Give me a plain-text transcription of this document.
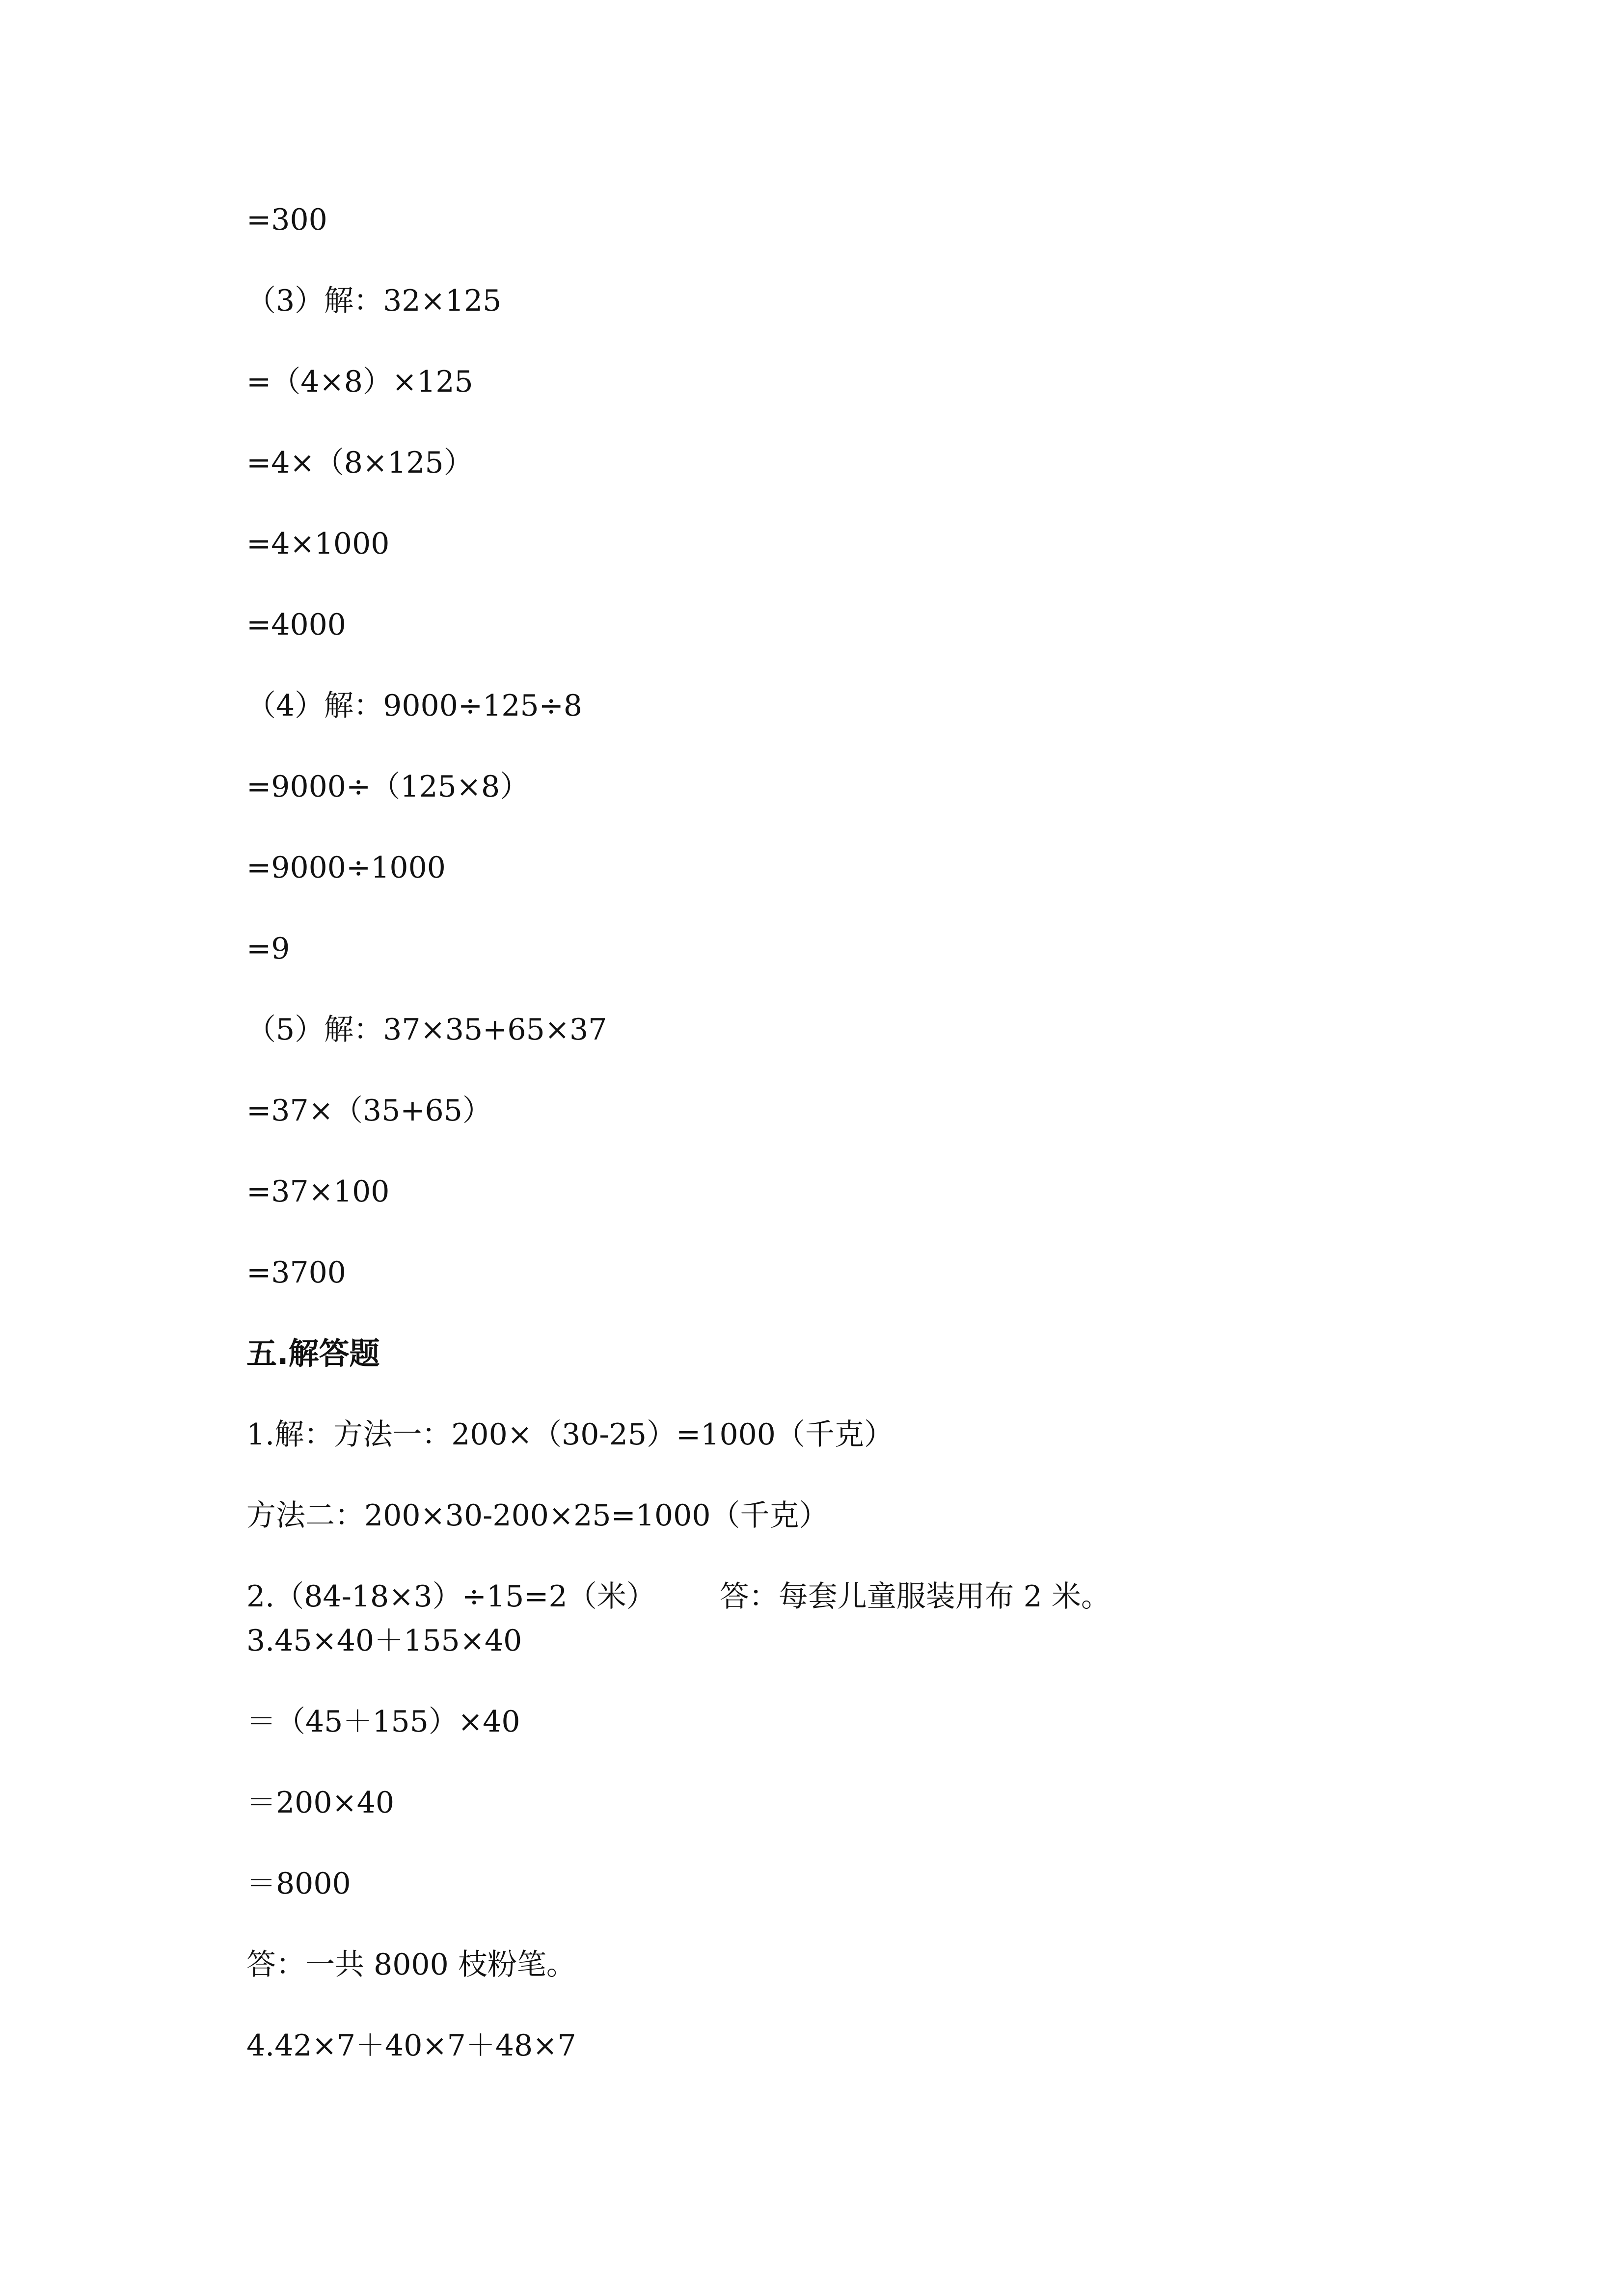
=300
（3）解：32×125
=（4×8）×125
=4×（8×125）
=4×1000
=4000
（4）解：9000÷125÷8
=9000÷（125×8）
=9000÷1000
=9
（5）解：37×35+65×37
=37×（35+65）
=37×100
=3700
五.解答题
1.解：方法一：200×（30-25）=1000（千克）
方法二：200×30-200×25=1000（千克）
2.（84-18×3）÷15=2（米） 答：每套儿童服装用布 2 米。
3.45×40＋155×40
＝（45＋155）×40
＝200×40
＝8000
答：一共 8000 枝粉笔。
4.42×7＋40×7＋48×7
